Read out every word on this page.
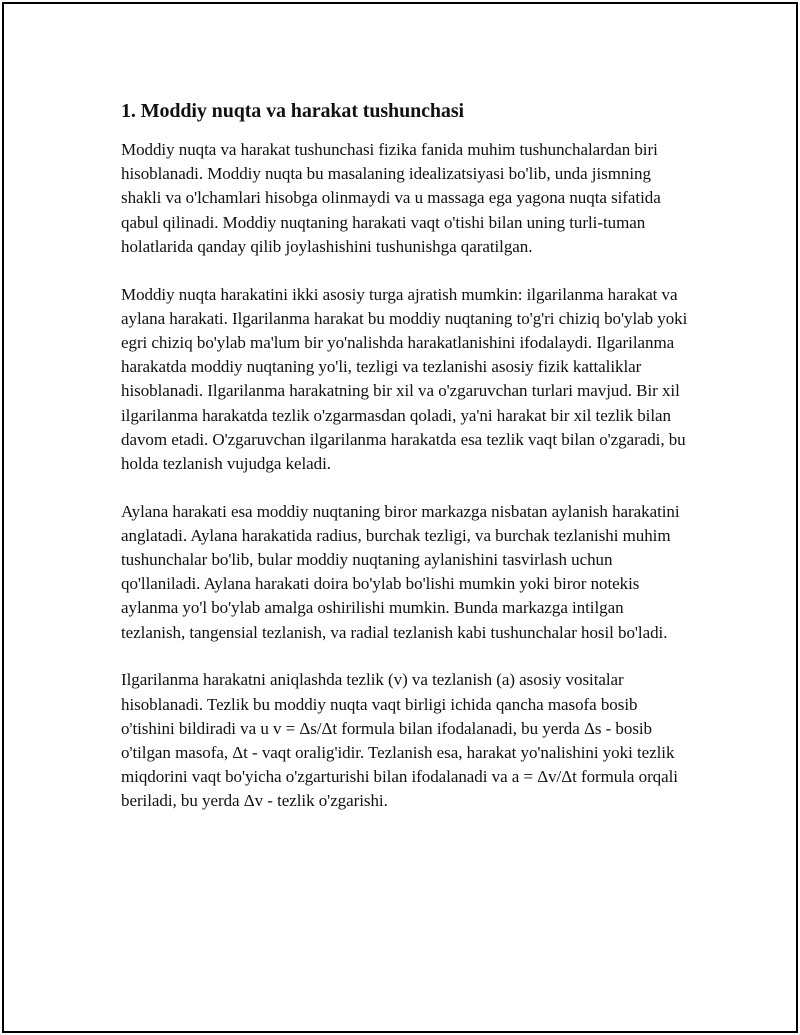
1. Moddiy nuqta va harakat tushunchasi

Moddiy nuqta va harakat tushunchasi fizika fanida muhim tushunchalardan biri hisoblanadi. Moddiy nuqta bu masalaning idealizatsiyasi bo'lib, unda jismning shakli va o'lchamlari hisobga olinmaydi va u massaga ega yagona nuqta sifatida qabul qilinadi. Moddiy nuqtaning harakati vaqt o'tishi bilan uning turli-tuman holatlarida qanday qilib joylashishini tushunishga qaratilgan.

Moddiy nuqta harakatini ikki asosiy turga ajratish mumkin: ilgarilanma harakat va aylana harakati. Ilgarilanma harakat bu moddiy nuqtaning to'g'ri chiziq bo'ylab yoki egri chiziq bo'ylab ma'lum bir yo'nalishda harakatlanishini ifodalaydi. Ilgarilanma harakatda moddiy nuqtaning yo'li, tezligi va tezlanishi asosiy fizik kattaliklar hisoblanadi. Ilgarilanma harakatning bir xil va o'zgaruvchan turlari mavjud. Bir xil ilgarilanma harakatda tezlik o'zgarmasdan qoladi, ya'ni harakat bir xil tezlik bilan davom etadi. O'zgaruvchan ilgarilanma harakatda esa tezlik vaqt bilan o'zgaradi, bu holda tezlanish vujudga keladi.

Aylana harakati esa moddiy nuqtaning biror markazga nisbatan aylanish harakatini anglatadi. Aylana harakatida radius, burchak tezligi, va burchak tezlanishi muhim tushunchalar bo'lib, bular moddiy nuqtaning aylanishini tasvirlash uchun qo'llaniladi. Aylana harakati doira bo'ylab bo'lishi mumkin yoki biror notekis aylanma yo'l bo'ylab amalga oshirilishi mumkin. Bunda markazga intilgan tezlanish, tangensial tezlanish, va radial tezlanish kabi tushunchalar hosil bo'ladi.

Ilgarilanma harakatni aniqlashda tezlik (v) va tezlanish (a) asosiy vositalar hisoblanadi. Tezlik bu moddiy nuqta vaqt birligi ichida qancha masofa bosib o'tishini bildiradi va u v = Δs/Δt formula bilan ifodalanadi, bu yerda Δs - bosib o'tilgan masofa, Δt - vaqt oralig'idir. Tezlanish esa, harakat yo'nalishini yoki tezlik miqdorini vaqt bo'yicha o'zgarturishi bilan ifodalanadi va a = Δv/Δt formula orqali beriladi, bu yerda Δv - tezlik o'zgarishi.
